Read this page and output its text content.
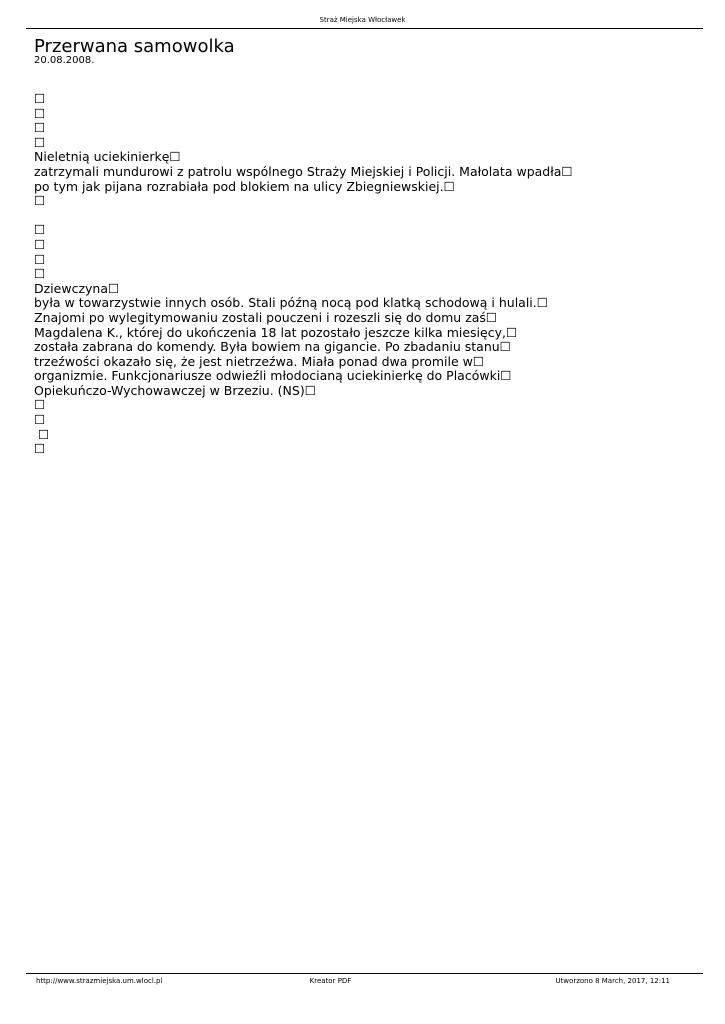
Straż Miejska Włocławek
Przerwana samowolka
20.08.2008.
☐
☐
☐
☐
Nieletnią uciekinierkę☐
zatrzymali mundurowi z patrolu wspólnego Straży Miejskiej i Policji. Małolata wpadła☐
po tym jak pijana rozrabiała pod blokiem na ulicy Zbiegniewskiej.☐
☐
☐
☐
☐
☐
Dziewczyna☐
była w towarzystwie innych osób. Stali późną nocą pod klatką schodową i hulali.☐
Znajomi po wylegitymowaniu zostali pouczeni i rozeszli się do domu zaś☐
Magdalena K., której do ukończenia 18 lat pozostało jeszcze kilka miesięcy,☐
została zabrana do komendy. Była bowiem na gigancie. Po zbadaniu stanu☐
trzeźwości okazało się, że jest nietrzeźwa. Miała ponad dwa promile w☐
organizmie. Funkcjonariusze odwieźli młodocianą uciekinierkę do Placówki☐
Opiekuńczo-Wychowawczej w Brzeziu. (NS)☐
☐
☐
☐
☐
http://www.strazmiejska.um.wlocl.pl	Kreator PDF	Utworzono 8 March, 2017, 12:11
